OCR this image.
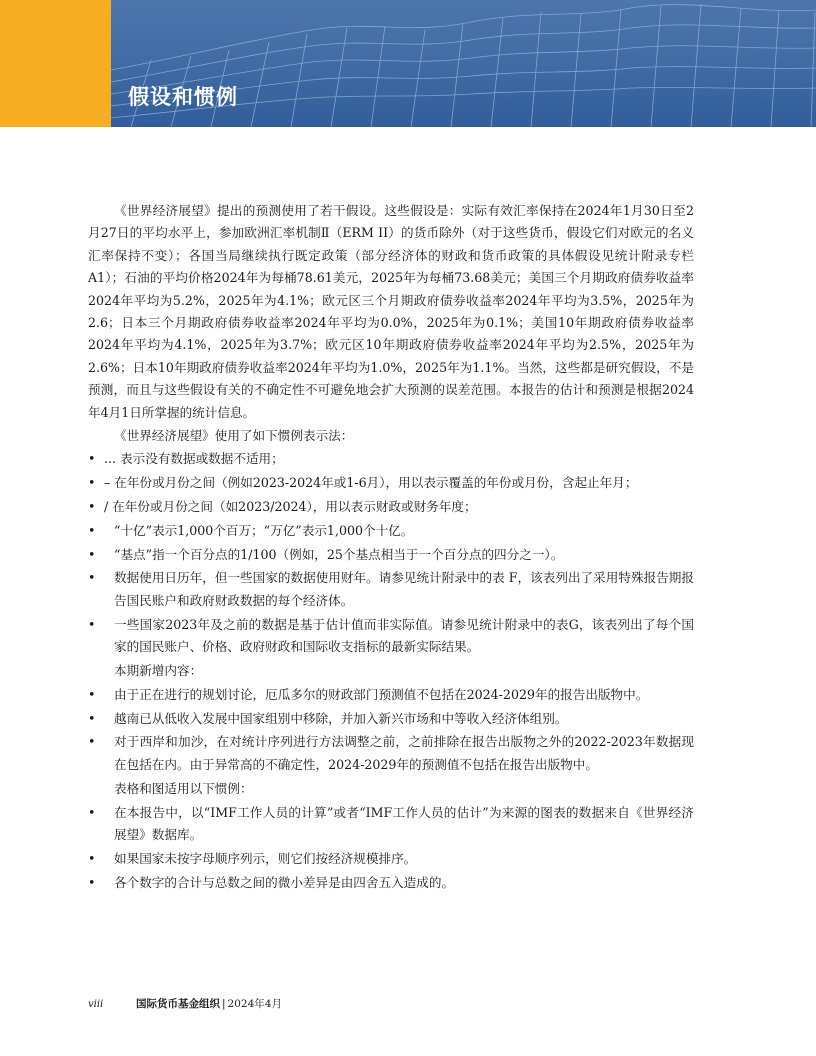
假设和惯例

《世界经济展望》提出的预测使用了若干假设。这些假设是：实际有效汇率保持在2024年1月30日至2月27日的平均水平上，参加欧洲汇率机制Ⅱ（ERM II）的货币除外（对于这些货币，假设它们对欧元的名义汇率保持不变）；各国当局继续执行既定政策（部分经济体的财政和货币政策的具体假设见统计附录专栏A1）；石油的平均价格2024年为每桶78.61美元，2025年为每桶73.68美元；美国三个月期政府债券收益率2024年平均为5.2%，2025年为4.1%；欧元区三个月期政府债券收益率2024年平均为3.5%，2025年为2.6；日本三个月期政府债券收益率2024年平均为0.0%，2025年为0.1%；美国10年期政府债券收益率2024年平均为4.1%，2025年为3.7%；欧元区10年期政府债券收益率2024年平均为2.5%，2025年为2.6%；日本10年期政府债券收益率2024年平均为1.0%，2025年为1.1%。当然，这些都是研究假设，不是预测，而且与这些假设有关的不确定性不可避免地会扩大预测的误差范围。本报告的估计和预测是根据2024年4月1日所掌握的统计信息。

《世界经济展望》使用了如下惯例表示法：
• ... 表示没有数据或数据不适用；
• – 在年份或月份之间（例如2023-2024年或1-6月），用以表示覆盖的年份或月份，含起止年月；
• / 在年份或月份之间（如2023/2024），用以表示财政或财务年度；
• “十亿”表示1,000个百万；“万亿”表示1,000个十亿。
• “基点”指一个百分点的1/100（例如，25个基点相当于一个百分点的四分之一）。
• 数据使用日历年，但一些国家的数据使用财年。请参见统计附录中的表 F，该表列出了采用特殊报告期报告国民账户和政府财政数据的每个经济体。
• 一些国家2023年及之前的数据是基于估计值而非实际值。请参见统计附录中的表G，该表列出了每个国家的国民账户、价格、政府财政和国际收支指标的最新实际结果。
本期新增内容：
• 由于正在进行的规划讨论，厄瓜多尔的财政部门预测值不包括在2024-2029年的报告出版物中。
• 越南已从低收入发展中国家组别中移除，并加入新兴市场和中等收入经济体组别。
• 对于西岸和加沙，在对统计序列进行方法调整之前，之前排除在报告出版物之外的2022-2023年数据现在包括在内。由于异常高的不确定性，2024-2029年的预测值不包括在报告出版物中。
表格和图适用以下惯例：
• 在本报告中，以“IMF工作人员的计算”或者“IMF工作人员的估计”为来源的图表的数据来自《世界经济展望》数据库。
• 如果国家未按字母顺序列示，则它们按经济规模排序。
• 各个数字的合计与总数之间的微小差异是由四舍五入造成的。
viii	国际货币基金组织 | 2024年4月
